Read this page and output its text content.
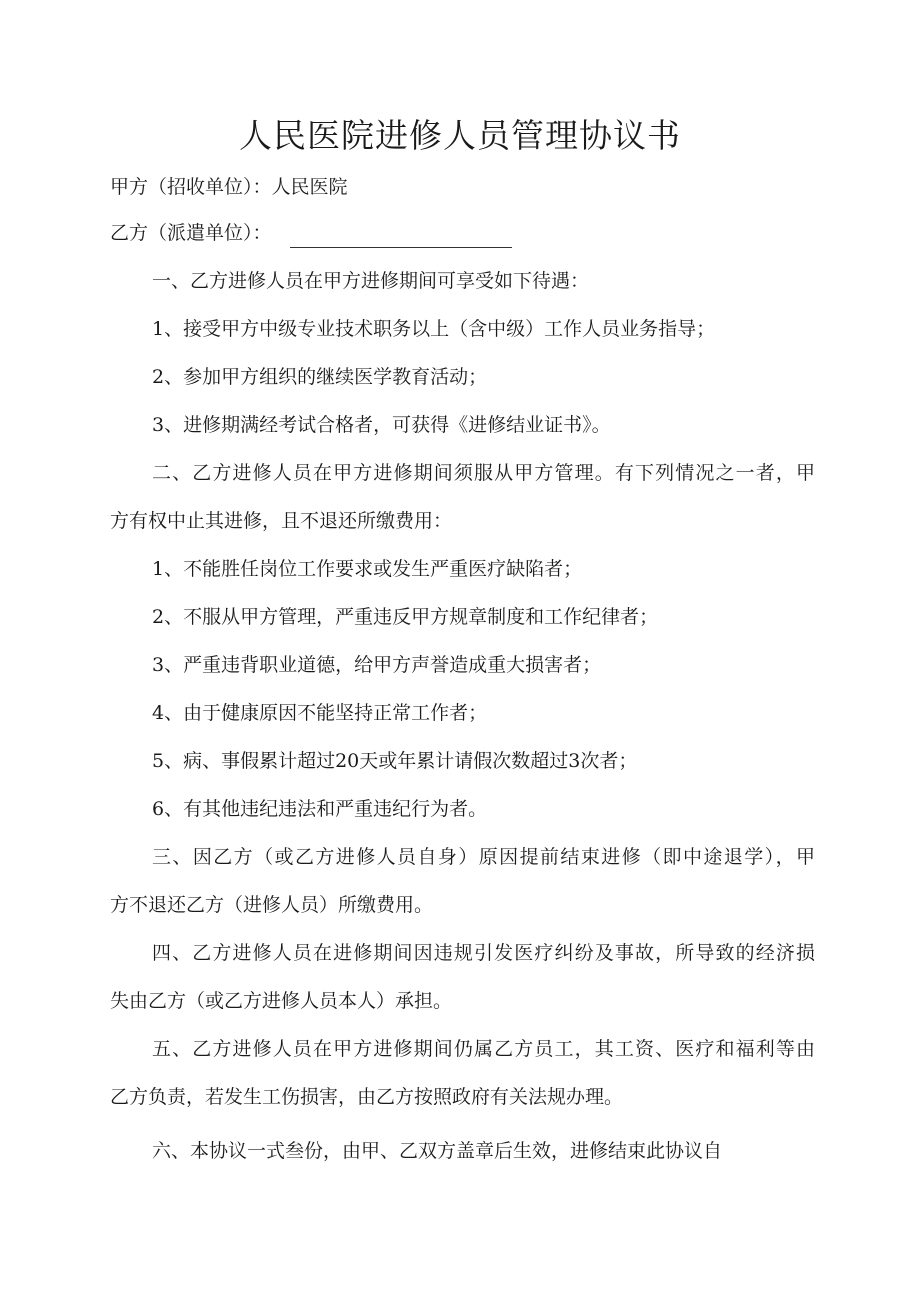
人民医院进修人员管理协议书
甲方（招收单位）：人民医院
乙方（派遣单位）：
一、乙方进修人员在甲方进修期间可享受如下待遇：
1、接受甲方中级专业技术职务以上（含中级）工作人员业务指导；
2、参加甲方组织的继续医学教育活动；
3、进修期满经考试合格者，可获得《进修结业证书》。
二、乙方进修人员在甲方进修期间须服从甲方管理。有下列情况之一者，甲
方有权中止其进修，且不退还所缴费用：
1、不能胜任岗位工作要求或发生严重医疗缺陷者；
2、不服从甲方管理，严重违反甲方规章制度和工作纪律者；
3、严重违背职业道德，给甲方声誉造成重大损害者；
4、由于健康原因不能坚持正常工作者；
5、病、事假累计超过20天或年累计请假次数超过3次者；
6、有其他违纪违法和严重违纪行为者。
三、因乙方（或乙方进修人员自身）原因提前结束进修（即中途退学），甲
方不退还乙方（进修人员）所缴费用。
四、乙方进修人员在进修期间因违规引发医疗纠纷及事故，所导致的经济损
失由乙方（或乙方进修人员本人）承担。
五、乙方进修人员在甲方进修期间仍属乙方员工，其工资、医疗和福利等由
乙方负责，若发生工伤损害，由乙方按照政府有关法规办理。
六、本协议一式叁份，由甲、乙双方盖章后生效，进修结束此协议自
